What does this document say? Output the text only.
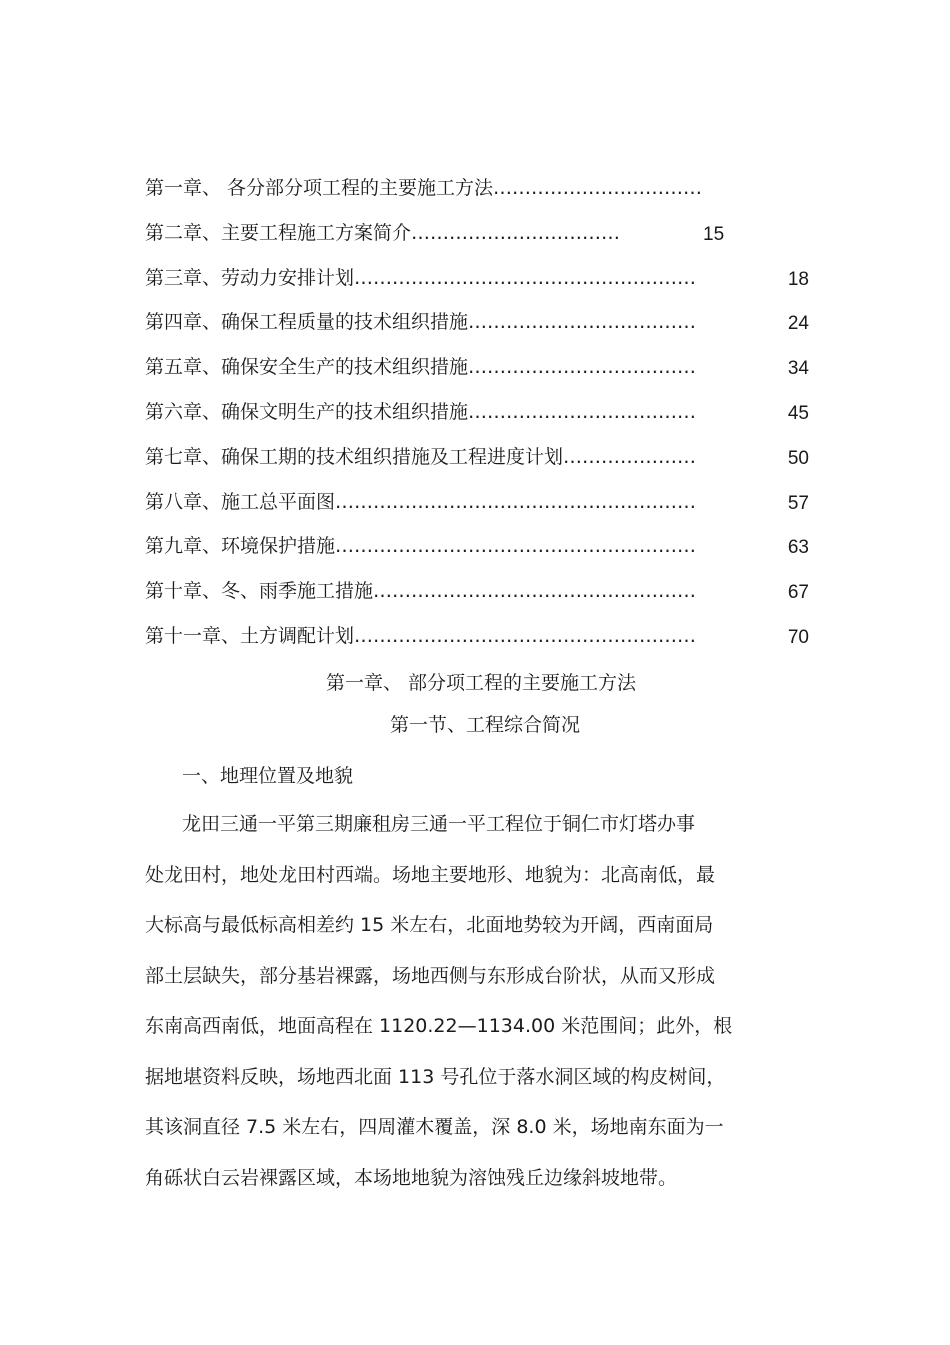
第一章、 各分部分项工程的主要施工方法……………………………
第二章、主要工程施工方案简介……………………………	15
第三章、劳动力安排计划………………………………………………	18
第四章、确保工程质量的技术组织措施………………………………	24
第五章、确保安全生产的技术组织措施………………………………	34
第六章、确保文明生产的技术组织措施………………………………	45
第七章、确保工期的技术组织措施及工程进度计划…………………	50
第八章、施工总平面图…………………………………………………	57
第九章、环境保护措施…………………………………………………	63
第十章、冬、雨季施工措施……………………………………………	67
第十一章、土方调配计划………………………………………………	70
第一章、 部分项工程的主要施工方法
第一节、工程综合简况
一、地理位置及地貌
龙田三通一平第三期廉租房三通一平工程位于铜仁市灯塔办事
处龙田村，地处龙田村西端。场地主要地形、地貌为：北高南低，最
大标高与最低标高相差约 15 米左右，北面地势较为开阔，西南面局
部土层缺失，部分基岩裸露，场地西侧与东形成台阶状，从而又形成
东南高西南低，地面高程在 1120.22—1134.00 米范围间；此外，根
据地堪资料反映，场地西北面 113 号孔位于落水洞区域的构皮树间，
其该洞直径 7.5 米左右，四周灌木覆盖，深 8.0 米，场地南东面为一
角砾状白云岩裸露区域，本场地地貌为溶蚀残丘边缘斜坡地带。
